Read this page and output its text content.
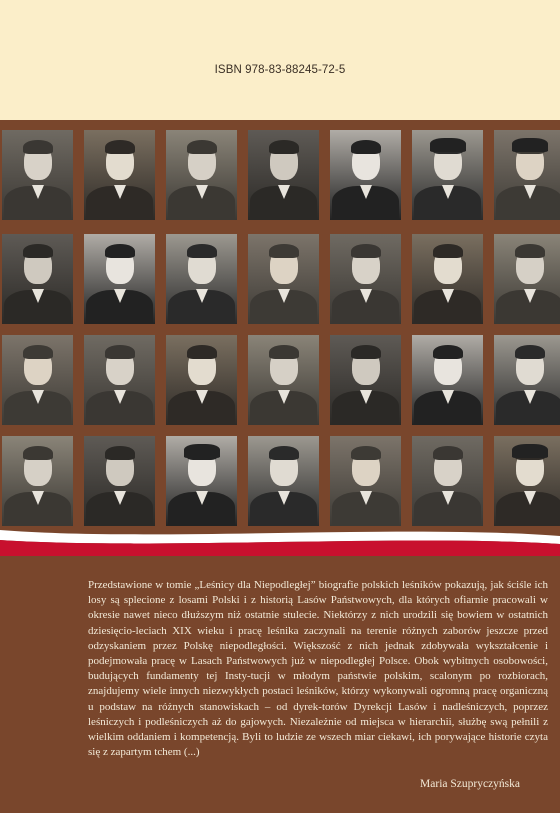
ISBN 978-83-88245-72-5

Przedstawione w tomie „Leśnicy dla Niepodległej” biografie polskich leśników pokazują, jak ściśle ich losy są splecione z losami Polski i z historią Lasów Państwowych, dla których ofiarnie pracowali w okresie nawet nieco dłuższym niż ostatnie stulecie. Niektórzy z nich urodzili się bowiem w ostatnich dziesięcio-leciach XIX wieku i pracę leśnika zaczynali na terenie różnych zaborów jeszcze przed odzyskaniem przez Polskę niepodległości. Większość z nich jednak zdobywała wykształcenie i podejmowała pracę w Lasach Państwowych już w niepodległej Polsce. Obok wybitnych osobowości, budujących fundamenty tej Insty-tucji w młodym państwie polskim, scalonym po rozbiorach, znajdujemy wiele innych niezwykłych postaci leśników, którzy wykonywali ogromną pracę organiczną u podstaw na różnych stanowiskach – od dyrek-torów Dyrekcji Lasów i nadleśniczych, poprzez leśniczych i podleśniczych aż do gajowych. Niezależnie od miejsca w hierarchii, służbę swą pełnili z wielkim oddaniem i kompetencją. Byli to ludzie ze wszech miar ciekawi, ich porywające historie czyta się z zapartym tchem (...)

Maria Szupryczyńska
